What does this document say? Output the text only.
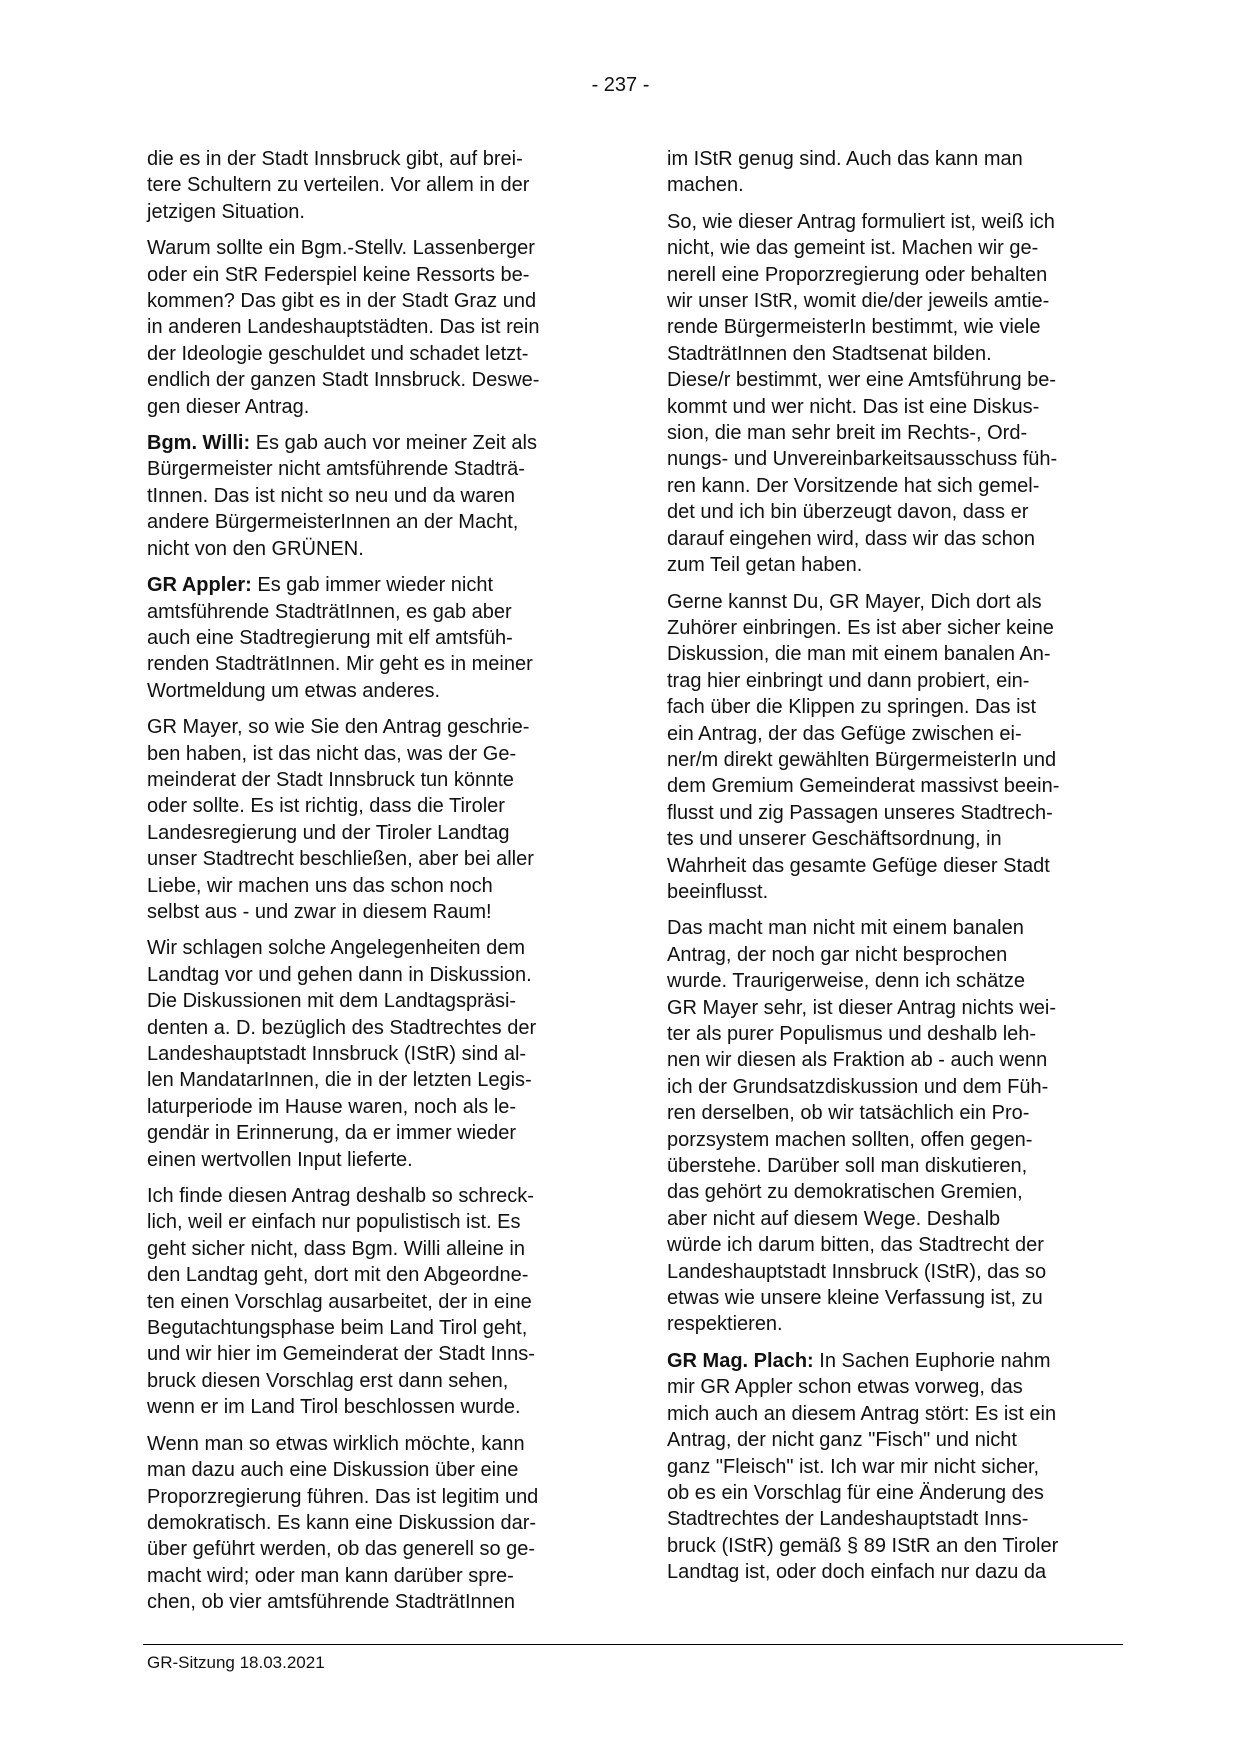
- 237 -

die es in der Stadt Innsbruck gibt, auf brei-
tere Schultern zu verteilen. Vor allem in der
jetzigen Situation.

Warum sollte ein Bgm.-Stellv. Lassenberger
oder ein StR Federspiel keine Ressorts be-
kommen? Das gibt es in der Stadt Graz und
in anderen Landeshauptstädten. Das ist rein
der Ideologie geschuldet und schadet letzt-
endlich der ganzen Stadt Innsbruck. Deswe-
gen dieser Antrag.

Bgm. Willi: Es gab auch vor meiner Zeit als
Bürgermeister nicht amtsführende Stadträ-
tInnen. Das ist nicht so neu und da waren
andere BürgermeisterInnen an der Macht,
nicht von den GRÜNEN.

GR Appler: Es gab immer wieder nicht
amtsführende StadträtInnen, es gab aber
auch eine Stadtregierung mit elf amtsfüh-
renden StadträtInnen. Mir geht es in meiner
Wortmeldung um etwas anderes.

GR Mayer, so wie Sie den Antrag geschrie-
ben haben, ist das nicht das, was der Ge-
meinderat der Stadt Innsbruck tun könnte
oder sollte. Es ist richtig, dass die Tiroler
Landesregierung und der Tiroler Landtag
unser Stadtrecht beschließen, aber bei aller
Liebe, wir machen uns das schon noch
selbst aus - und zwar in diesem Raum!

Wir schlagen solche Angelegenheiten dem
Landtag vor und gehen dann in Diskussion.
Die Diskussionen mit dem Landtagspräsi-
denten a. D. bezüglich des Stadtrechtes der
Landeshauptstadt Innsbruck (IStR) sind al-
len MandatarInnen, die in der letzten Legis-
laturperiode im Hause waren, noch als le-
gendär in Erinnerung, da er immer wieder
einen wertvollen Input lieferte.

Ich finde diesen Antrag deshalb so schreck-
lich, weil er einfach nur populistisch ist. Es
geht sicher nicht, dass Bgm. Willi alleine in
den Landtag geht, dort mit den Abgeordne-
ten einen Vorschlag ausarbeitet, der in eine
Begutachtungsphase beim Land Tirol geht,
und wir hier im Gemeinderat der Stadt Inns-
bruck diesen Vorschlag erst dann sehen,
wenn er im Land Tirol beschlossen wurde.

Wenn man so etwas wirklich möchte, kann
man dazu auch eine Diskussion über eine
Proporzregierung führen. Das ist legitim und
demokratisch. Es kann eine Diskussion dar-
über geführt werden, ob das generell so ge-
macht wird; oder man kann darüber spre-
chen, ob vier amtsführende StadträtInnen

im IStR genug sind. Auch das kann man
machen.

So, wie dieser Antrag formuliert ist, weiß ich
nicht, wie das gemeint ist. Machen wir ge-
nerell eine Proporzregierung oder behalten
wir unser IStR, womit die/der jeweils amtie-
rende BürgermeisterIn bestimmt, wie viele
StadträtInnen den Stadtsenat bilden.
Diese/r bestimmt, wer eine Amtsführung be-
kommt und wer nicht. Das ist eine Diskus-
sion, die man sehr breit im Rechts-, Ord-
nungs- und Unvereinbarkeitsausschuss füh-
ren kann. Der Vorsitzende hat sich gemel-
det und ich bin überzeugt davon, dass er
darauf eingehen wird, dass wir das schon
zum Teil getan haben.

Gerne kannst Du, GR Mayer, Dich dort als
Zuhörer einbringen. Es ist aber sicher keine
Diskussion, die man mit einem banalen An-
trag hier einbringt und dann probiert, ein-
fach über die Klippen zu springen. Das ist
ein Antrag, der das Gefüge zwischen ei-
ner/m direkt gewählten BürgermeisterIn und
dem Gremium Gemeinderat massivst beein-
flusst und zig Passagen unseres Stadtrech-
tes und unserer Geschäftsordnung, in
Wahrheit das gesamte Gefüge dieser Stadt
beeinflusst.

Das macht man nicht mit einem banalen
Antrag, der noch gar nicht besprochen
wurde. Traurigerweise, denn ich schätze
GR Mayer sehr, ist dieser Antrag nichts wei-
ter als purer Populismus und deshalb leh-
nen wir diesen als Fraktion ab - auch wenn
ich der Grundsatzdiskussion und dem Füh-
ren derselben, ob wir tatsächlich ein Pro-
porzsystem machen sollten, offen gegen-
überstehe. Darüber soll man diskutieren,
das gehört zu demokratischen Gremien,
aber nicht auf diesem Wege. Deshalb
würde ich darum bitten, das Stadtrecht der
Landeshauptstadt Innsbruck (IStR), das so
etwas wie unsere kleine Verfassung ist, zu
respektieren.

GR Mag. Plach: In Sachen Euphorie nahm
mir GR Appler schon etwas vorweg, das
mich auch an diesem Antrag stört: Es ist ein
Antrag, der nicht ganz "Fisch" und nicht
ganz "Fleisch" ist. Ich war mir nicht sicher,
ob es ein Vorschlag für eine Änderung des
Stadtrechtes der Landeshauptstadt Inns-
bruck (IStR) gemäß § 89 IStR an den Tiroler
Landtag ist, oder doch einfach nur dazu da

GR-Sitzung 18.03.2021
